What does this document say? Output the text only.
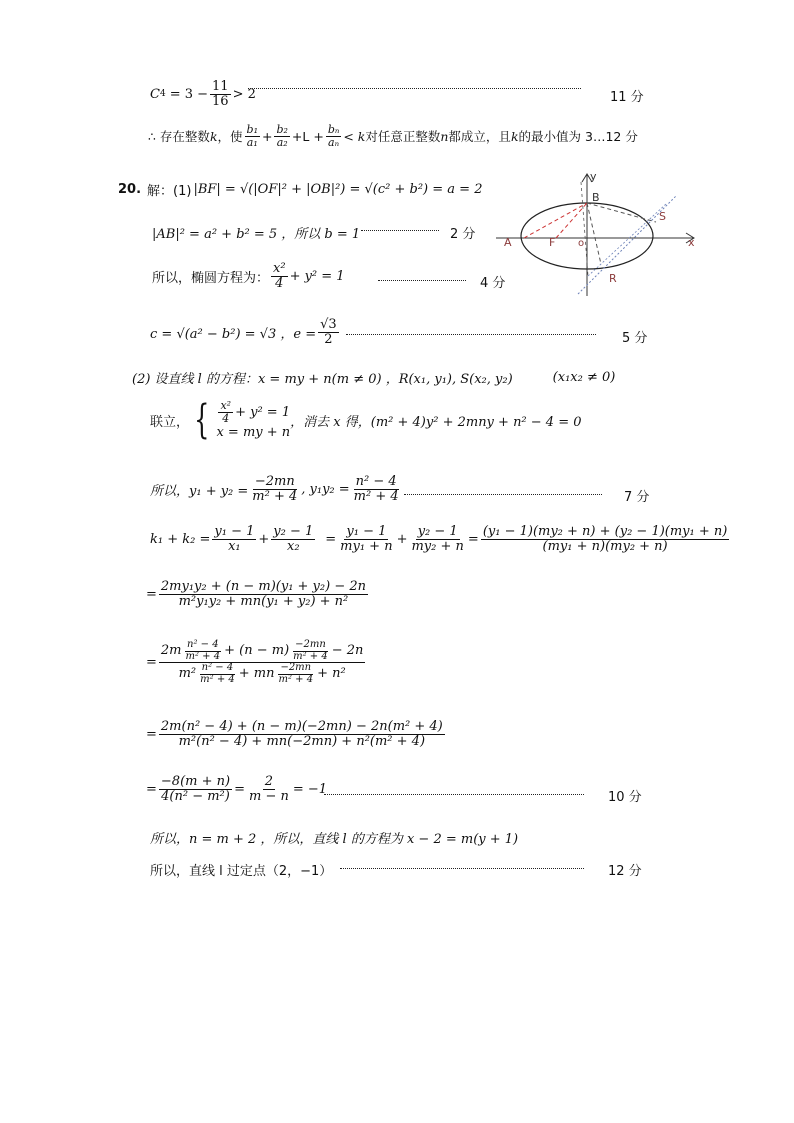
C $4 = 3 - \frac{11}{16} > 2$	11 分
∴ 存在整数 k ，使 $\frac{\text{b₁}}{\text{a₁}} + \frac{\text{b₂}}{\text{a₂}} +L + \frac{\text{bₙ}}{\text{aₙ}} < k$ 对任意正整数 n 都成立，且 k 的最小值为 3…12 分
20. 解：(1) |BF| = √(|OF|² + |OB|²) = √(c² + b²) = a = 2
|AB|² = a² + b² = 5 ，所以 b = 1	2 分
所以，椭圆方程为： $\frac{\text{x²}}{4} + y^2 = 1$	4 分
c = √(a² − b²) = √3 ，$e = \frac{√3}{2}$	5 分
y
B
S
A	F o	x
R
(2) 设直线 l 的方程：x = my + n(m ≠ 0) ，R(x₁, y₁), S(x₂, y₂)	(x₁x₂ ≠ 0)
联立， { $\frac{\text{x²}}{4} + y^2 = 1$
x = my + n
，消去 x 得，(m² + 4)y² + 2mny + n² − 4 = 0
所以，$y_1 + y_2 = \frac{-2mn}{\text{m² + 4}}$ , $y_1y_2 = \frac{\text{n² − 4}}{\text{m² + 4}}$	7 分
$k_1 + k_2 = \frac{\text{y₁ − 1}}{\text{x₁}} + \frac{\text{y₂ − 1}}{\text{x₂}} = \frac{\text{y₁ − 1}}{\text{my₁ + n}} + \frac{\text{y₂ − 1}}{\text{my₂ + n}} = \frac{\text{(y₁ − 1)(my₂ + n) + (y₂ − 1)(my₁ + n)}}{\text{(my₁ + n)(my₂ + n)}}$
= $\frac{\text{2my₁y₂ + (n − m)(y₁ + y₂) − 2n}}{\text{m²y₁y₂ + mn(y₁ + y₂) + n²}}$
=
$2m \frac{\text{n² − 4}}{\text{m² + 4}} + (n - m) \frac{-2mn}{\text{m² + 4}} - 2n$
$m^2 \frac{\text{n² − 4}}{\text{m² + 4}}$ + mn $\frac{-2mn}{\text{m² + 4}} + n^2$
= $\frac{\text{2m(n² − 4) + (n − m)(−2mn) − 2n(m² + 4)}}{\text{m²(n² − 4) + mn(−2mn) + n²(m² + 4)}}$
= $\frac{-8(m + n)}{\text{4(n² − m²)}} = \frac{2}{m - n} = -1$
10 分
所以，n = m + 2 ，所以，直线 l 的方程为 x − 2 = m(y + 1)
所以，直线 l 过定点（2，−1）	12 分
